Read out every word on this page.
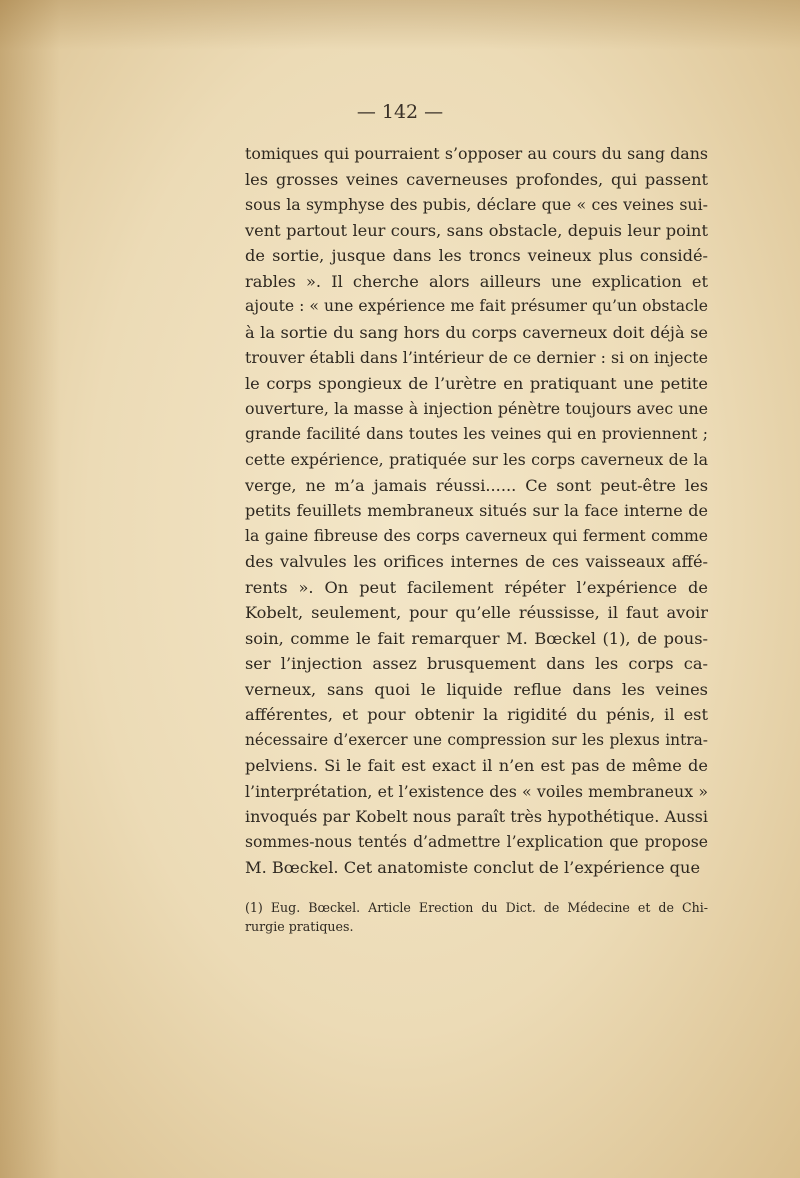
— 142 —
tomiques qui pourraient s’opposer au cours du sang dans
les grosses veines caverneuses profondes, qui passent
sous la symphyse des pubis, déclare que « ces veines sui-
vent partout leur cours, sans obstacle, depuis leur point
de sortie, jusque dans les troncs veineux plus considé-
rables ». Il cherche alors ailleurs une explication et
ajoute : « une expérience me fait présumer qu’un obstacle
à la sortie du sang hors du corps caverneux doit déjà se
trouver établi dans l’intérieur de ce dernier : si on injecte
le corps spongieux de l’urètre en pratiquant une petite
ouverture, la masse à injection pénètre toujours avec une
grande facilité dans toutes les veines qui en proviennent ;
cette expérience, pratiquée sur les corps caverneux de la
verge, ne m’a jamais réussi...... Ce sont peut-être les
petits feuillets membraneux situés sur la face interne de
la gaine fibreuse des corps caverneux qui ferment comme
des valvules les orifices internes de ces vaisseaux affé-
rents ». On peut facilement répéter l’expérience de
Kobelt, seulement, pour qu’elle réussisse, il faut avoir
soin, comme le fait remarquer M. Bœckel (1), de pous-
ser l’injection assez brusquement dans les corps ca-
verneux, sans quoi le liquide reflue dans les veines
afférentes, et pour obtenir la rigidité du pénis, il est
nécessaire d’exercer une compression sur les plexus intra-
pelviens. Si le fait est exact il n’en est pas de même de
l’interprétation, et l’existence des « voiles membraneux »
invoqués par Kobelt nous paraît très hypothétique. Aussi
sommes-nous tentés d’admettre l’explication que propose
M. Bœckel. Cet anatomiste conclut de l’expérience que
(1) Eug. Bœckel. Article Erection du Dict. de Médecine et de Chi-
rurgie pratiques.
